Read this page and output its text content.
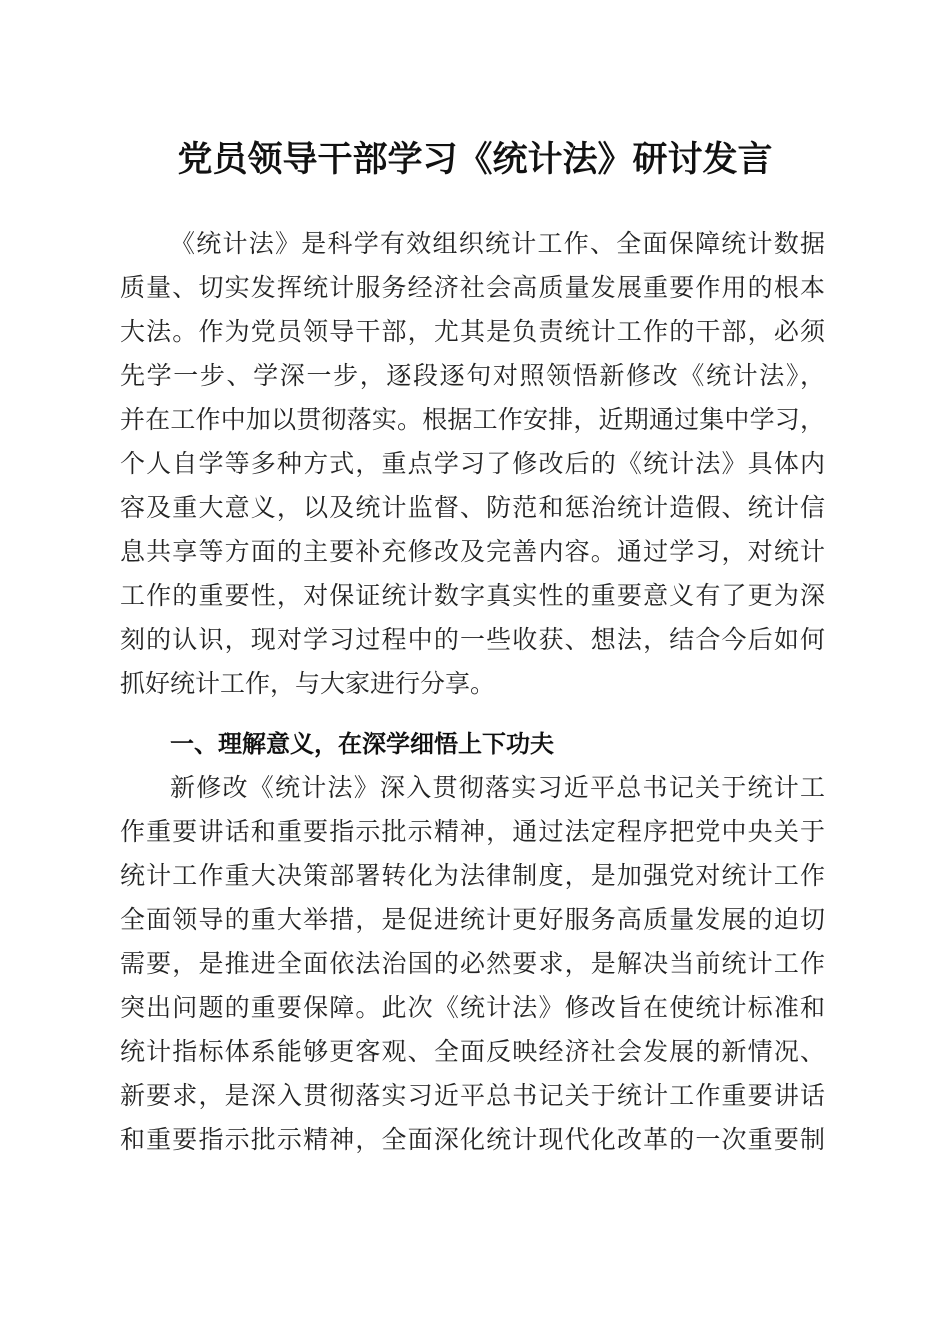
党员领导干部学习《统计法》研讨发言
《统计法》是科学有效组织统计工作、全面保障统计数据
质量、切实发挥统计服务经济社会高质量发展重要作用的根本
大法。作为党员领导干部，尤其是负责统计工作的干部，必须
先学一步、学深一步，逐段逐句对照领悟新修改《统计法》，
并在工作中加以贯彻落实。根据工作安排，近期通过集中学习，
个人自学等多种方式，重点学习了修改后的《统计法》具体内
容及重大意义，以及统计监督、防范和惩治统计造假、统计信
息共享等方面的主要补充修改及完善内容。通过学习，对统计
工作的重要性，对保证统计数字真实性的重要意义有了更为深
刻的认识，现对学习过程中的一些收获、想法，结合今后如何
抓好统计工作，与大家进行分享。
一、理解意义，在深学细悟上下功夫
新修改《统计法》深入贯彻落实习近平总书记关于统计工
作重要讲话和重要指示批示精神，通过法定程序把党中央关于
统计工作重大决策部署转化为法律制度，是加强党对统计工作
全面领导的重大举措，是促进统计更好服务高质量发展的迫切
需要，是推进全面依法治国的必然要求，是解决当前统计工作
突出问题的重要保障。此次《统计法》修改旨在使统计标准和
统计指标体系能够更客观、全面反映经济社会发展的新情况、
新要求，是深入贯彻落实习近平总书记关于统计工作重要讲话
和重要指示批示精神，全面深化统计现代化改革的一次重要制
